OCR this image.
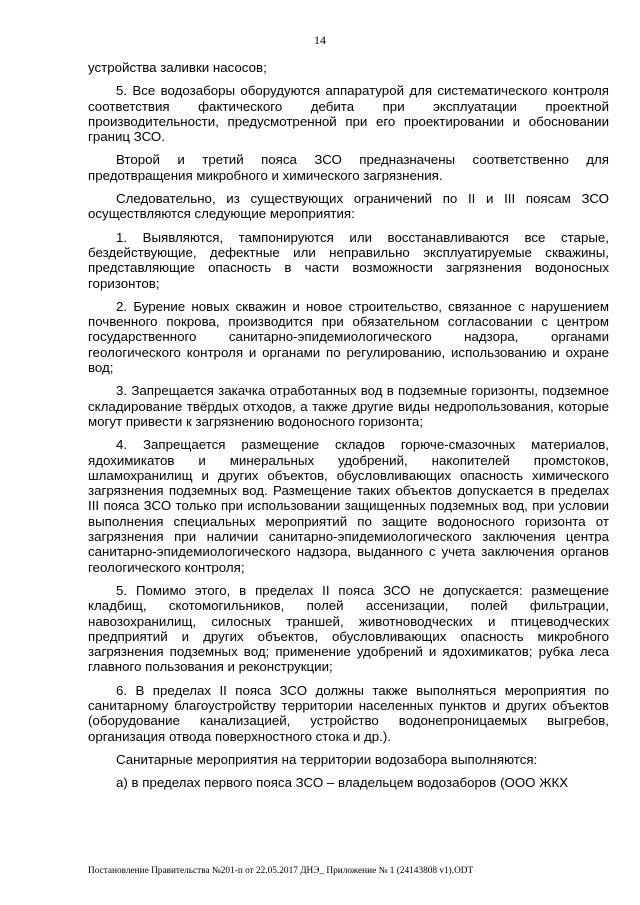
14

устройства заливки насосов;

5. Все водозаборы оборудуются аппаратурой для систематического контроля соответствия фактического дебита при эксплуатации проектной производительности, предусмотренной при его проектировании и обосновании границ ЗСО.

Второй и третий пояса ЗСО предназначены соответственно для предотвращения микробного и химического загрязнения.

Следовательно, из существующих ограничений по II и III поясам ЗСО осуществляются следующие мероприятия:

1. Выявляются, тампонируются или восстанавливаются все старые, бездействующие, дефектные или неправильно эксплуатируемые скважины, представляющие опасность в части возможности загрязнения водоносных горизонтов;

2. Бурение новых скважин и новое строительство, связанное с нарушением почвенного покрова, производится при обязательном согласовании с центром государственного санитарно-эпидемиологического надзора, органами геологического контроля и органами по регулированию, использованию и охране вод;

3. Запрещается закачка отработанных вод в подземные горизонты, подземное складирование твёрдых отходов, а также другие виды недропользования, которые могут привести к загрязнению водоносного горизонта;

4. Запрещается размещение складов горюче-смазочных материалов, ядохимикатов и минеральных удобрений, накопителей промстоков, шламохранилищ и других объектов, обусловливающих опасность химического загрязнения подземных вод. Размещение таких объектов допускается в пределах III пояса ЗСО только при использовании защищенных подземных вод, при условии выполнения специальных мероприятий по защите водоносного горизонта от загрязнения при наличии санитарно-эпидемиологического заключения центра санитарно-эпидемиологического надзора, выданного с учета заключения органов геологического контроля;

5. Помимо этого, в пределах II пояса ЗСО не допускается: размещение кладбищ, скотомогильников, полей ассенизации, полей фильтрации, навозохранилищ, силосных траншей, животноводческих и птицеводческих предприятий и других объектов, обусловливающих опасность микробного загрязнения подземных вод; применение удобрений и ядохимикатов; рубка леса главного пользования и реконструкции;

6. В пределах II пояса ЗСО должны также выполняться мероприятия по санитарному благоустройству территории населенных пунктов и других объектов (оборудование канализацией, устройство водонепроницаемых выгребов, организация отвода поверхностного стока и др.).

Санитарные мероприятия на территории водозабора выполняются:

а) в пределах первого пояса ЗСО – владельцем водозаборов (ООО ЖКХ

Постановление Правительства №201-п от 22.05.2017 ДНЭ_ Приложение № 1 (24143808 v1).ODT
